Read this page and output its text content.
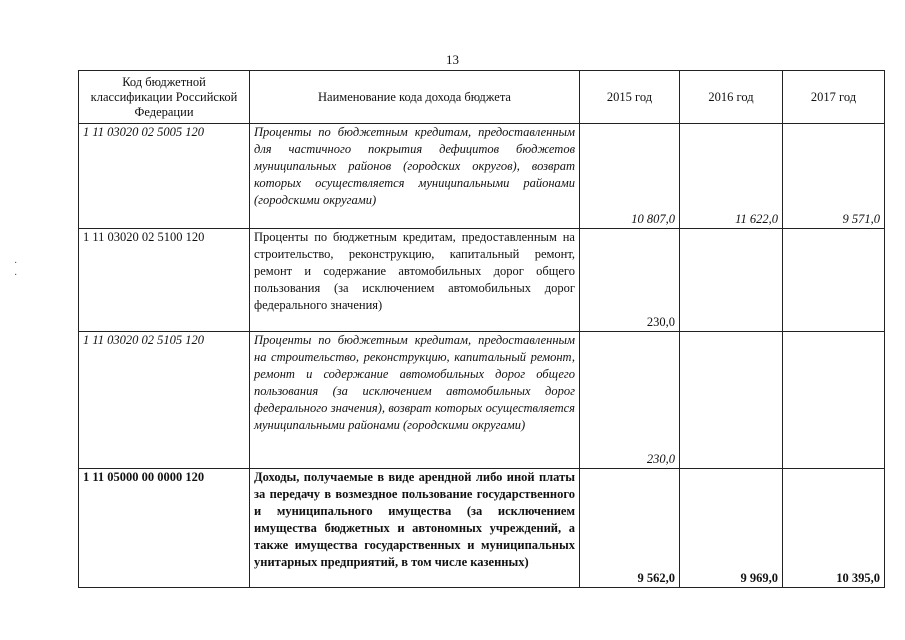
13
·
·
Код бюджетной классификации Российской Федерации	Наименование кода дохода бюджета	2015 год	2016 год	2017 год
1 11 03020 02 5005 120	Проценты по бюджетным кредитам, предоставленным для частичного покрытия дефицитов бюджетов муниципальных районов (городских округов), возврат которых осуществляется муниципальными районами (городскими округами)	10 807,0	11 622,0	9 571,0
1 11 03020 02 5100 120	Проценты по бюджетным кредитам, предоставленным на строительство, реконструкцию, капитальный ремонт, ремонт и содержание автомобильных дорог общего пользования (за исключением автомобильных дорог федерального значения)	230,0		
1 11 03020 02 5105 120	Проценты по бюджетным кредитам, предоставленным на строительство, реконструкцию, капитальный ремонт, ремонт и содержание автомобильных дорог общего пользования (за исключением автомобильных дорог федерального значения), возврат которых осуществляется муниципальными районами (городскими округами)	230,0		
1 11 05000 00 0000 120	Доходы, получаемые в виде арендной либо иной платы за передачу в возмездное пользование государственного и муниципального имущества (за исключением имущества бюджетных и автономных учреждений, а также имущества государственных и муниципальных унитарных предприятий, в том числе казенных)	9 562,0	9 969,0	10 395,0
